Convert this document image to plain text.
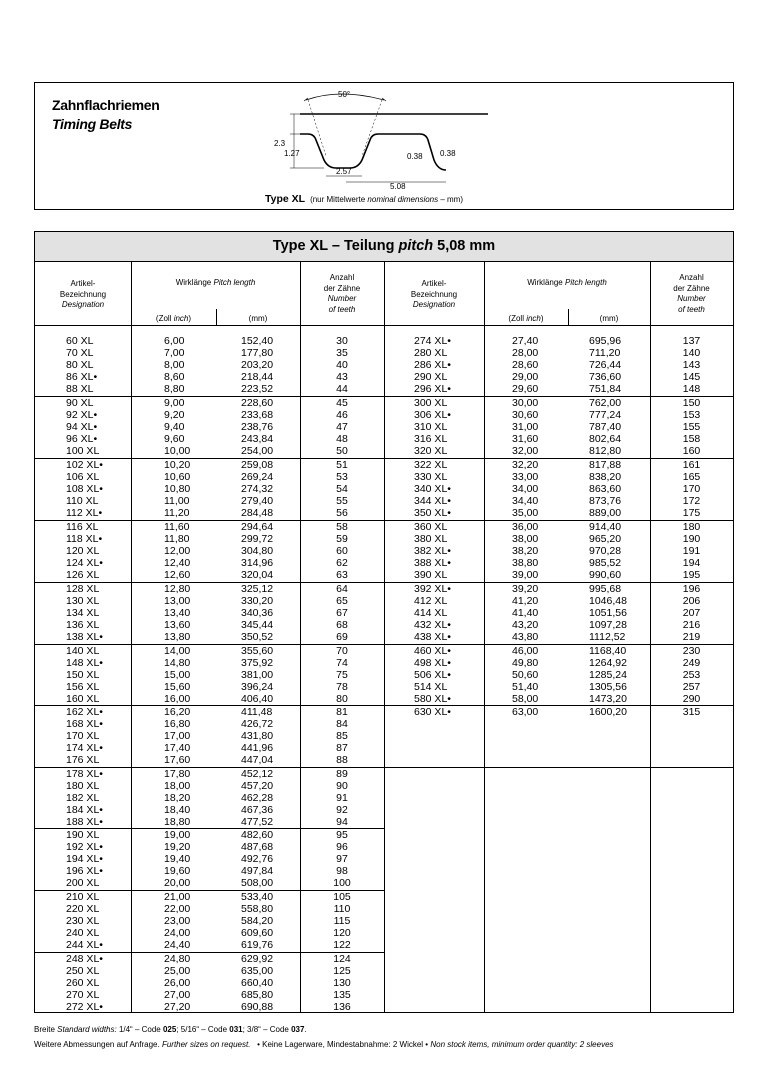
Zahnflachriemen
Timing Belts
50°
2.3
1.27	0.38 0.38
2.57
5.08
Type XL (nur Mittelwerte nominal dimensions – mm)
Type XL – Teilung pitch 5,08 mm
Artikel-
Bezeichnung
Designation
Wirklänge Pitch length
(Zoll inch)	(mm)
Anzahl
der Zähne
Number
of teeth
Artikel-
Bezeichnung
Designation
Wirklänge Pitch length
(Zoll inch)	(mm)
Anzahl
der Zähne
Number
of teeth
60 XL	6,00	152,40	30
70 XL	7,00	177,80	35
80 XL	8,00	203,20	40
86 XL•	8,60	218,44	43
88 XL	8,80	223,52	44
90 XL	9,00	228,60	45
92 XL•	9,20	233,68	46
94 XL•	9,40	238,76	47
96 XL•	9,60	243,84	48
100 XL	10,00	254,00	50
102 XL•	10,20	259,08	51
106 XL	10,60	269,24	53
108 XL•	10,80	274,32	54
110 XL	11,00	279,40	55
112 XL•	11,20	284,48	56
116 XL	11,60	294,64	58
118 XL•	11,80	299,72	59
120 XL	12,00	304,80	60
124 XL•	12,40	314,96	62
126 XL	12,60	320,04	63
128 XL	12,80	325,12	64
130 XL	13,00	330,20	65
134 XL	13,40	340,36	67
136 XL	13,60	345,44	68
138 XL•	13,80	350,52	69
140 XL	14,00	355,60	70
148 XL•	14,80	375,92	74
150 XL	15,00	381,00	75
156 XL	15,60	396,24	78
160 XL	16,00	406,40	80
162 XL•	16,20	411,48	81
168 XL•	16,80	426,72	84
170 XL	17,00	431,80	85
174 XL•	17,40	441,96	87
176 XL	17,60	447,04	88
178 XL•	17,80	452,12	89
180 XL	18,00	457,20	90
182 XL	18,20	462,28	91
184 XL•	18,40	467,36	92
188 XL•	18,80	477,52	94
190 XL	19,00	482,60	95
192 XL•	19,20	487,68	96
194 XL•	19,40	492,76	97
196 XL•	19,60	497,84	98
200 XL	20,00	508,00	100
210 XL	21,00	533,40	105
220 XL	22,00	558,80	110
230 XL	23,00	584,20	115
240 XL	24,00	609,60	120
244 XL•	24,40	619,76	122
248 XL•	24,80	629,92	124
250 XL	25,00	635,00	125
260 XL	26,00	660,40	130
270 XL	27,00	685,80	135
272 XL•	27,20	690,88	136
274 XL•	27,40	695,96	137
280 XL	28,00	711,20	140
286 XL•	28,60	726,44	143
290 XL	29,00	736,60	145
296 XL•	29,60	751,84	148
300 XL	30,00	762,00	150
306 XL•	30,60	777,24	153
310 XL	31,00	787,40	155
316 XL	31,60	802,64	158
320 XL	32,00	812,80	160
322 XL	32,20	817,88	161
330 XL	33,00	838,20	165
340 XL•	34,00	863,60	170
344 XL•	34,40	873,76	172
350 XL•	35,00	889,00	175
360 XL	36,00	914,40	180
380 XL	38,00	965,20	190
382 XL•	38,20	970,28	191
388 XL•	38,80	985,52	194
390 XL	39,00	990,60	195
392 XL•	39,20	995,68	196
412 XL	41,20	1046,48	206
414 XL	41,40	1051,56	207
432 XL•	43,20	1097,28	216
438 XL•	43,80	1112,52	219
460 XL•	46,00	1168,40	230
498 XL•	49,80	1264,92	249
506 XL•	50,60	1285,24	253
514 XL	51,40	1305,56	257
580 XL•	58,00	1473,20	290
630 XL•	63,00	1600,20	315
Breite Standard widths: 1/4“ – Code 025; 5/16“ – Code 031; 3/8“ – Code 037.
Weitere Abmessungen auf Anfrage. Further sizes on request.   • Keine Lagerware, Mindestabnahme: 2 Wickel • Non stock items, minimum order quantity: 2 sleeves
